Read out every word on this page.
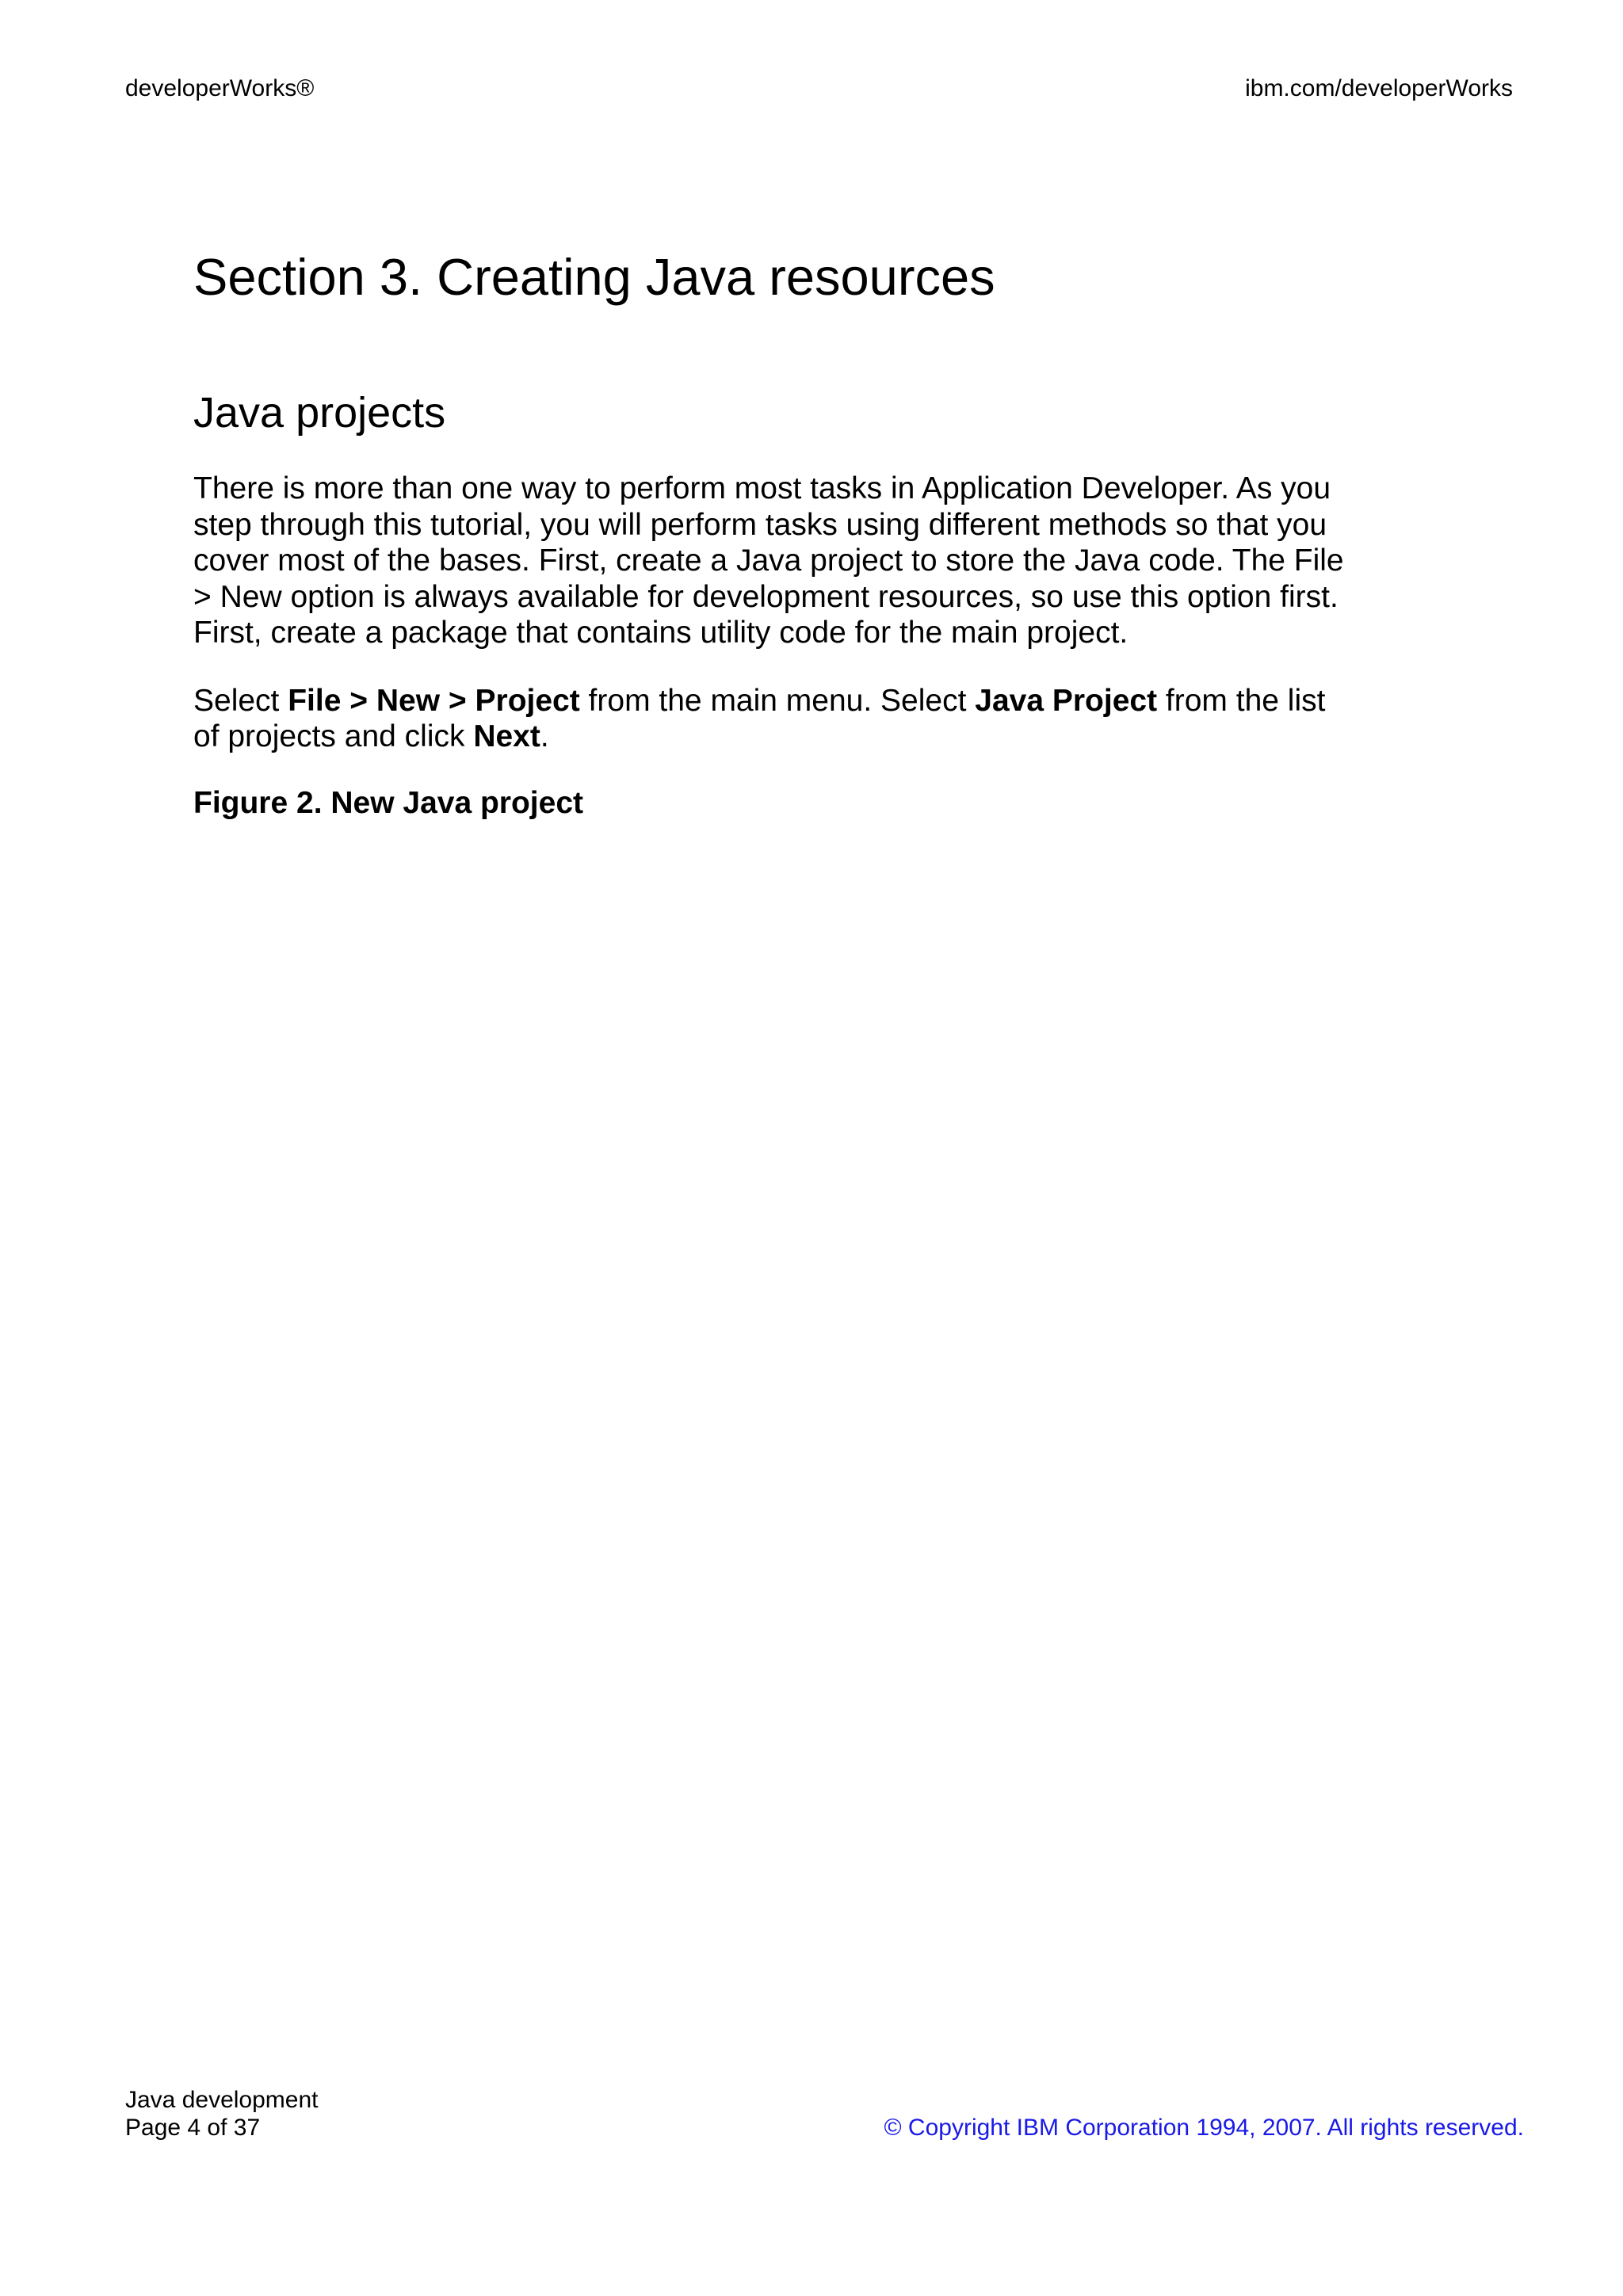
developerWorks®	ibm.com/developerWorks
Section 3. Creating Java resources
Java projects

There is more than one way to perform most tasks in Application Developer. As you
step through this tutorial, you will perform tasks using different methods so that you
cover most of the bases. First, create a Java project to store the Java code. The File
> New option is always available for development resources, so use this option first.
First, create a package that contains utility code for the main project.

Select File > New > Project from the main menu. Select Java Project from the list
of projects and click Next.

Figure 2. New Java project
Java development
Page 4 of 37	© Copyright IBM Corporation 1994, 2007. All rights reserved.
